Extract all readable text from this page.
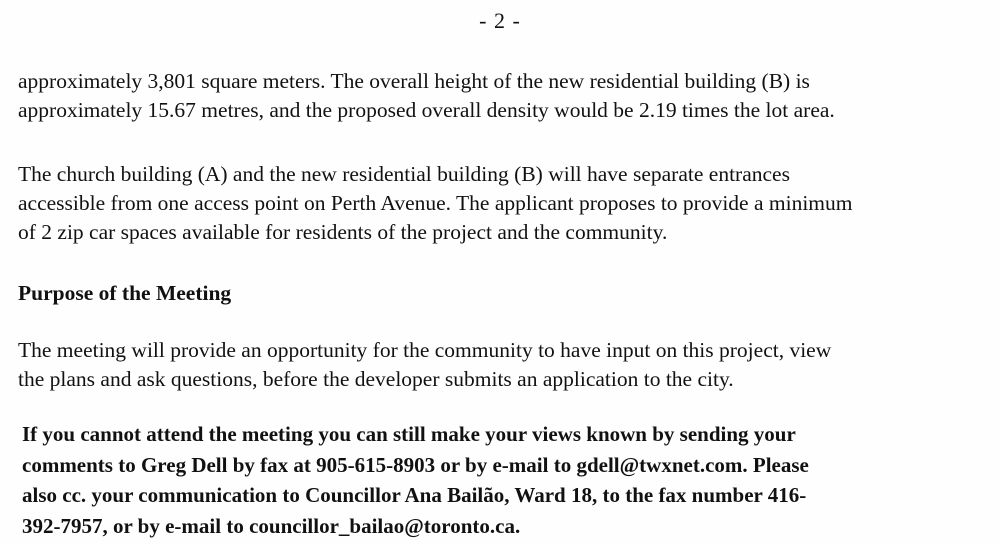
- 2 -
approximately 3,801 square meters. The overall height of the new residential building (B) is
approximately 15.67 metres, and the proposed overall density would be 2.19 times the lot area.
The church building (A) and the new residential building (B) will have separate entrances
accessible from one access point on Perth Avenue. The applicant proposes to provide a minimum
of 2 zip car spaces available for residents of the project and the community.
Purpose of the Meeting
The meeting will provide an opportunity for the community to have input on this project, view
the plans and ask questions, before the developer submits an application to the city.
If you cannot attend the meeting you can still make your views known by sending your
comments to Greg Dell by fax at 905-615-8903 or by e-mail to gdell@twxnet.com. Please
also cc. your communication to Councillor Ana Bailão, Ward 18, to the fax number 416-
392-7957, or by e-mail to councillor_bailao@toronto.ca.
